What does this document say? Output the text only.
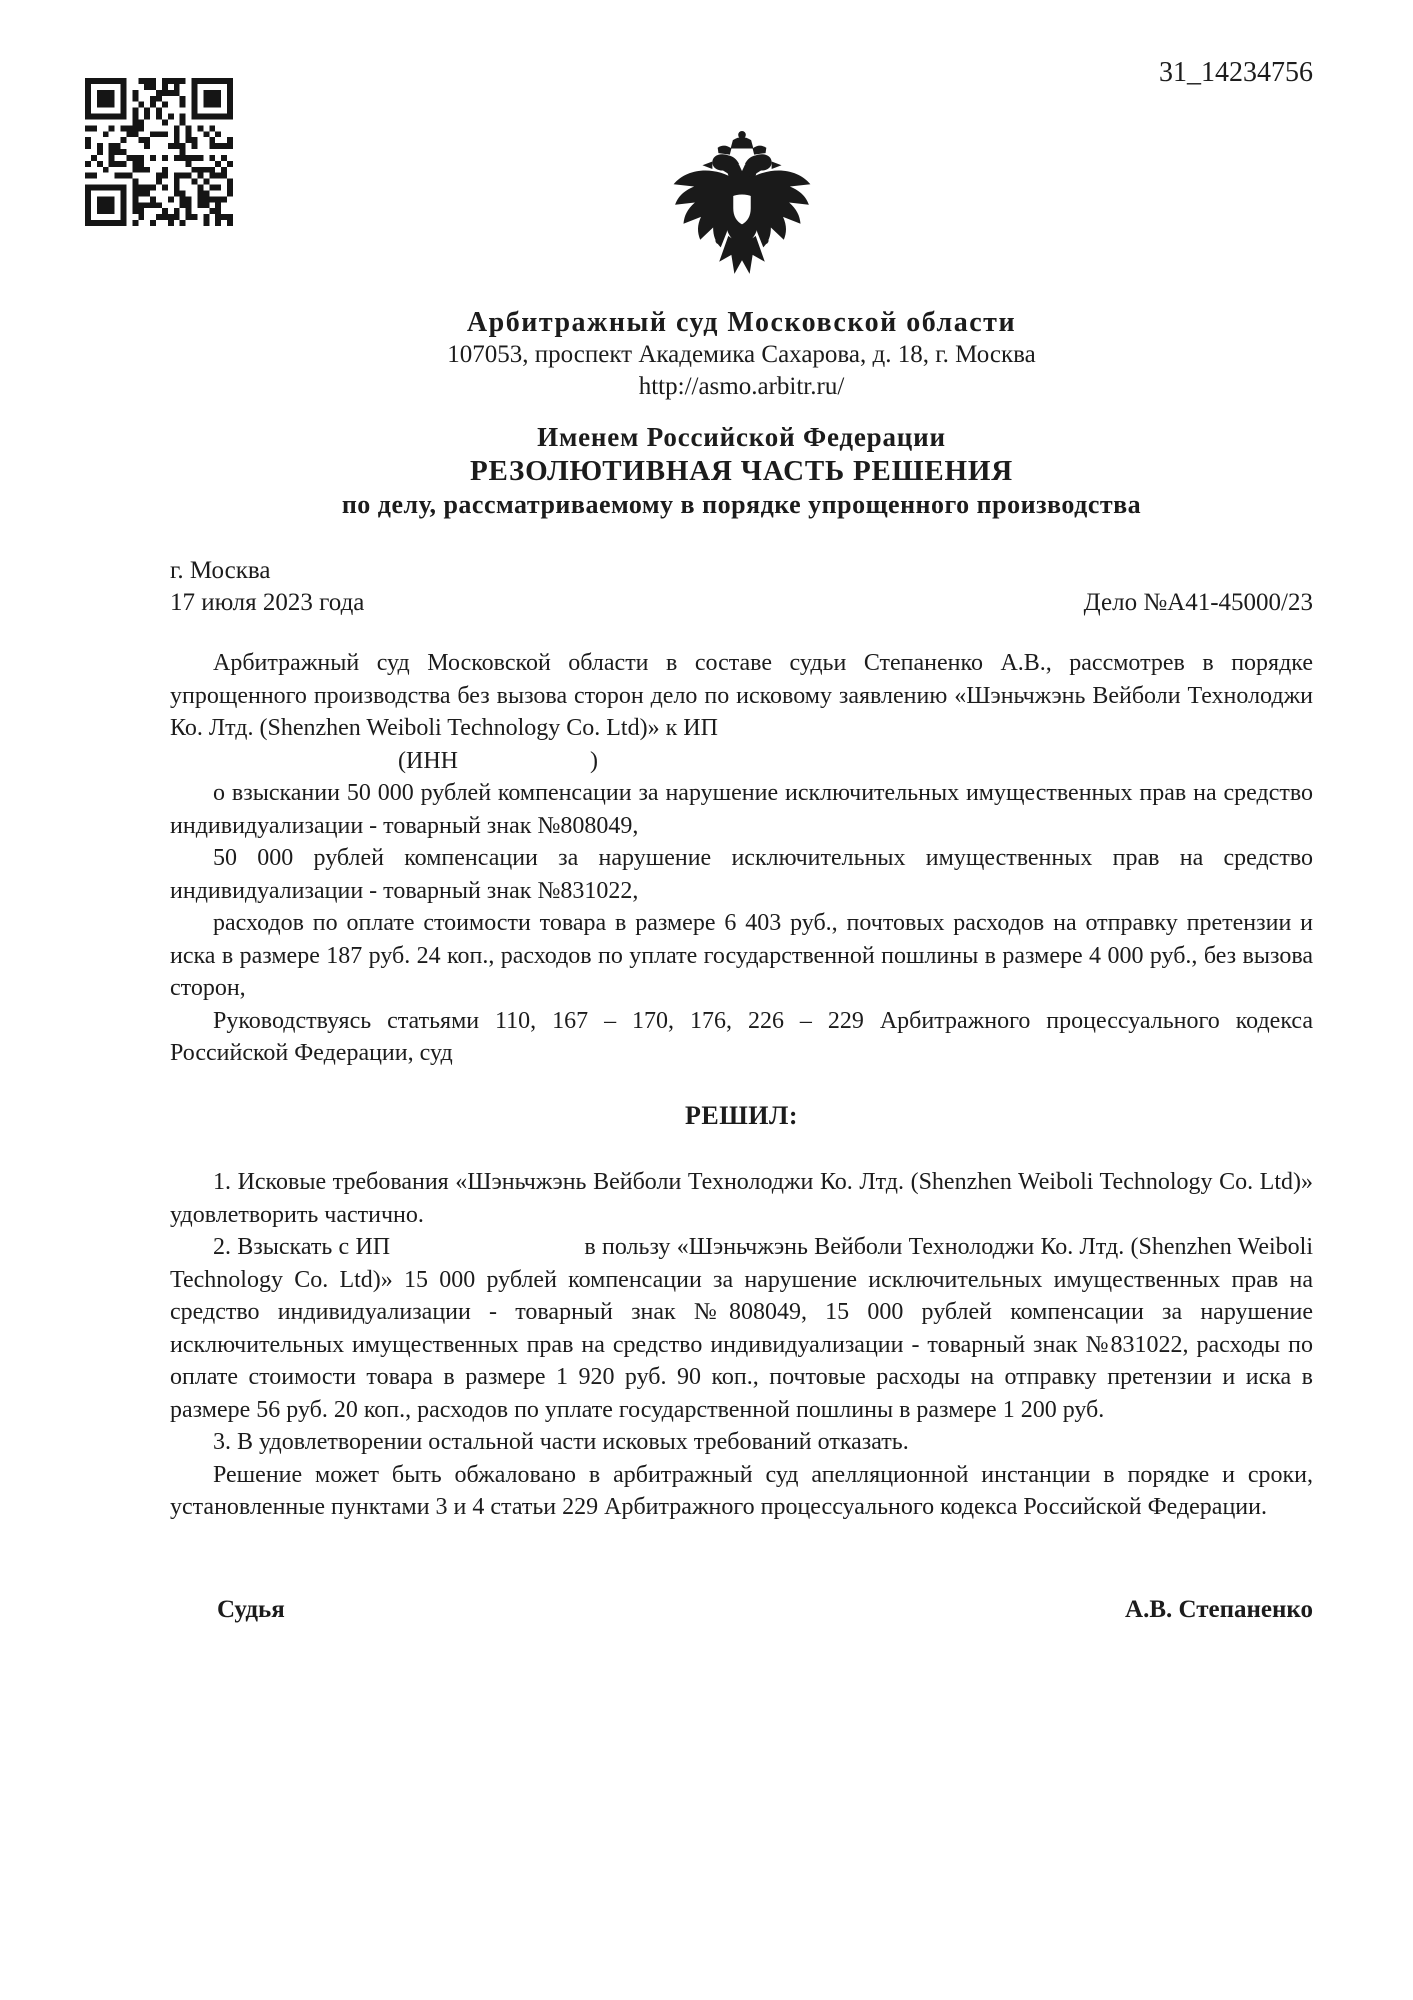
31_14234756
Арбитражный суд Московской области
107053, проспект Академика Сахарова, д. 18, г. Москва
http://asmo.arbitr.ru/
Именем Российской Федерации
РЕЗОЛЮТИВНАЯ ЧАСТЬ РЕШЕНИЯ
по делу, рассматриваемому в порядке упрощенного производства
г. Москва
17 июля 2023 года	Дело №А41-45000/23

Арбитражный суд Московской области в составе судьи Степаненко А.В., рассмотрев в порядке упрощенного производства без вызова сторон дело по исковому заявлению «Шэньчжэнь Вейболи Технолоджи Ко. Лтд. (Shenzhen Weiboli Technology Co. Ltd)» к ИП

(ИНН                      )

о взыскании 50 000 рублей компенсации за нарушение исключительных имущественных прав на средство индивидуализации - товарный знак №808049,

50 000 рублей компенсации за нарушение исключительных имущественных прав на средство индивидуализации - товарный знак №831022,

расходов по оплате стоимости товара в размере 6 403 руб., почтовых расходов на отправку претензии и иска в размере 187 руб. 24 коп., расходов по уплате государственной пошлины в размере 4 000 руб., без вызова сторон,

Руководствуясь статьями 110, 167 – 170, 176, 226 – 229 Арбитражного процессуального кодекса Российской Федерации, суд

РЕШИЛ:

1. Исковые требования «Шэньчжэнь Вейболи Технолоджи Ко. Лтд. (Shenzhen Weiboli Technology Co. Ltd)» удовлетворить частично.

2. Взыскать с ИП                               в пользу «Шэньчжэнь Вейболи Технолоджи Ко. Лтд. (Shenzhen Weiboli Technology Co. Ltd)» 15 000 рублей компенсации за нарушение исключительных имущественных прав на средство индивидуализации - товарный знак №808049, 15 000 рублей компенсации за нарушение исключительных имущественных прав на средство индивидуализации - товарный знак №831022, расходы по оплате стоимости товара в размере 1 920 руб. 90 коп., почтовые расходы на отправку претензии и иска в размере 56 руб. 20 коп., расходов по уплате государственной пошлины в размере 1 200 руб.

3. В удовлетворении остальной части исковых требований отказать.

Решение может быть обжаловано в арбитражный суд апелляционной инстанции в порядке и сроки, установленные пунктами 3 и 4 статьи 229 Арбитражного процессуального кодекса Российской Федерации.

Судья	А.В. Степаненко
